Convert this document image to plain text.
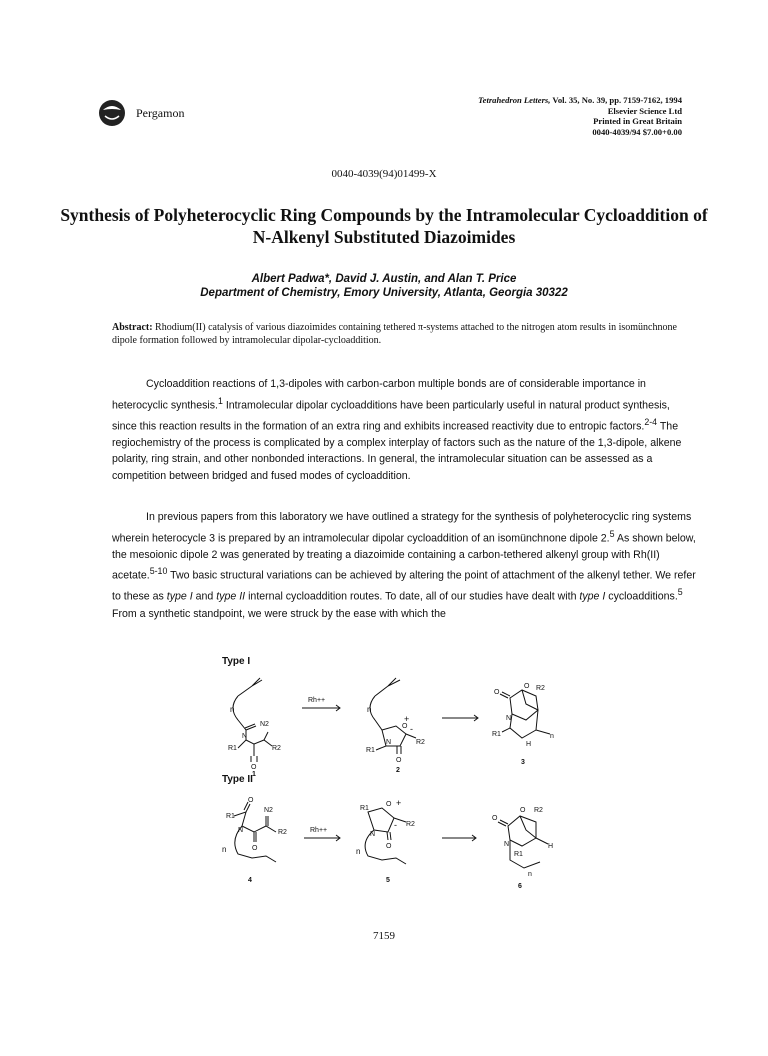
Pergamon
Tetrahedron Letters, Vol. 35, No. 39, pp. 7159-7162, 1994
Elsevier Science Ltd
Printed in Great Britain
0040-4039/94 $7.00+0.00
0040-4039(94)01499-X
Synthesis of Polyheterocyclic Ring Compounds by the Intramolecular Cycloaddition of N-Alkenyl Substituted Diazoimides
Albert Padwa*, David J. Austin, and Alan T. Price
Department of Chemistry, Emory University, Atlanta, Georgia 30322
Abstract: Rhodium(II) catalysis of various diazoimides containing tethered π-systems attached to the nitrogen atom results in isomünchnone dipole formation followed by intramolecular dipolar-cycloaddition.
Cycloaddition reactions of 1,3-dipoles with carbon-carbon multiple bonds are of considerable importance in heterocyclic synthesis.$^1$ Intramolecular dipolar cycloadditions have been particularly useful in natural product synthesis, since this reaction results in the formation of an extra ring and exhibits increased reactivity due to entropic factors.$^{2-4}$ The regiochemistry of the process is complicated by a complex interplay of factors such as the nature of the 1,3-dipole, alkene polarity, ring strain, and other nonbonded interactions. In general, the intramolecular situation can be assessed as a competition between bridged and fused modes of cycloaddition.
In previous papers from this laboratory we have outlined a strategy for the synthesis of polyheterocyclic ring systems wherein heterocycle 3 is prepared by an intramolecular dipolar cycloaddition of an isomünchnone dipole 2.$^5$ As shown below, the mesoionic dipole 2 was generated by treating a diazoimide containing a carbon-tethered alkenyl group with Rh(II) acetate.$^{5-10}$ Two basic structural variations can be achieved by altering the point of attachment of the alkenyl tether. We refer to these as type I and type II internal cycloaddition routes. To date, all of our studies have dealt with type I cycloadditions.$^5$ From a synthetic standpoint, we were struck by the ease with which the
Type I
n
N2
N
R1	R2
O
1
Rh++
n
O
+
N
R1
-
R2
O
2
O
O R2
N
R1	n
H
3
Type II
R1
O
N2
N	R2
O
n
4
Rh++
R1
O +
- R2
N
O
n
5
O
O R2
N	H
R1
n
6
7159
